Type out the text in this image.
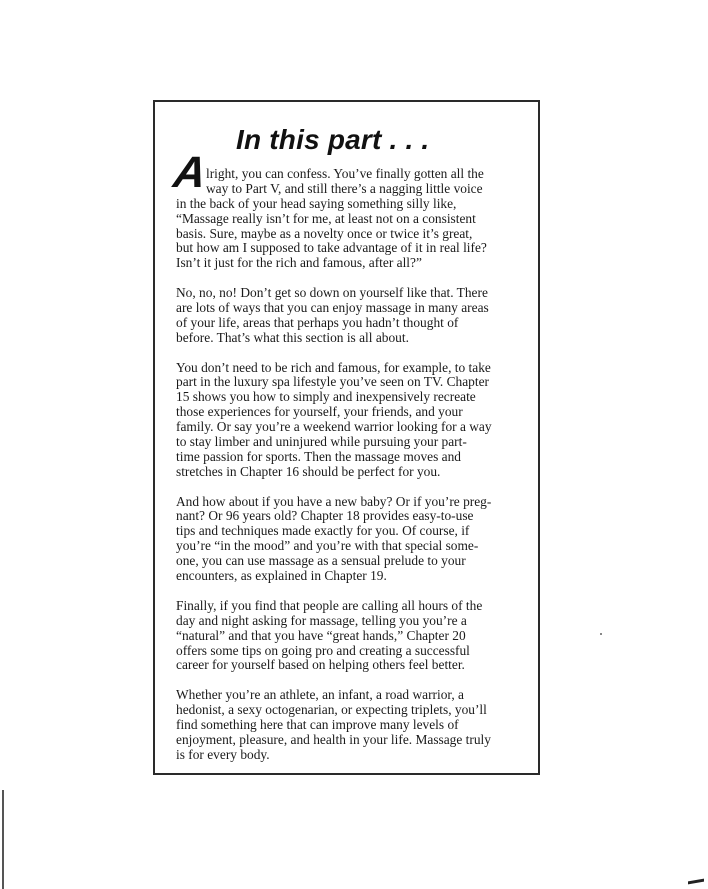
In this part . . .
A

lright, you can confess. You’ve finally gotten all the
way to Part V, and still there’s a nagging little voice
in the back of your head saying something silly like,
“Massage really isn’t for me, at least not on a consistent
basis. Sure, maybe as a novelty once or twice it’s great,
but how am I supposed to take advantage of it in real life?
Isn’t it just for the rich and famous, after all?”

No, no, no! Don’t get so down on yourself like that. There
are lots of ways that you can enjoy massage in many areas
of your life, areas that perhaps you hadn’t thought of
before. That’s what this section is all about.

You don’t need to be rich and famous, for example, to take
part in the luxury spa lifestyle you’ve seen on TV. Chapter
15 shows you how to simply and inexpensively recreate
those experiences for yourself, your friends, and your
family. Or say you’re a weekend warrior looking for a way
to stay limber and uninjured while pursuing your part-
time passion for sports. Then the massage moves and
stretches in Chapter 16 should be perfect for you.

And how about if you have a new baby? Or if you’re preg-
nant? Or 96 years old? Chapter 18 provides easy-to-use
tips and techniques made exactly for you. Of course, if
you’re “in the mood” and you’re with that special some-
one, you can use massage as a sensual prelude to your
encounters, as explained in Chapter 19.

Finally, if you find that people are calling all hours of the
day and night asking for massage, telling you you’re a
“natural” and that you have “great hands,” Chapter 20
offers some tips on going pro and creating a successful
career for yourself based on helping others feel better.

Whether you’re an athlete, an infant, a road warrior, a
hedonist, a sexy octogenarian, or expecting triplets, you’ll
find something here that can improve many levels of
enjoyment, pleasure, and health in your life. Massage truly
is for every body.
